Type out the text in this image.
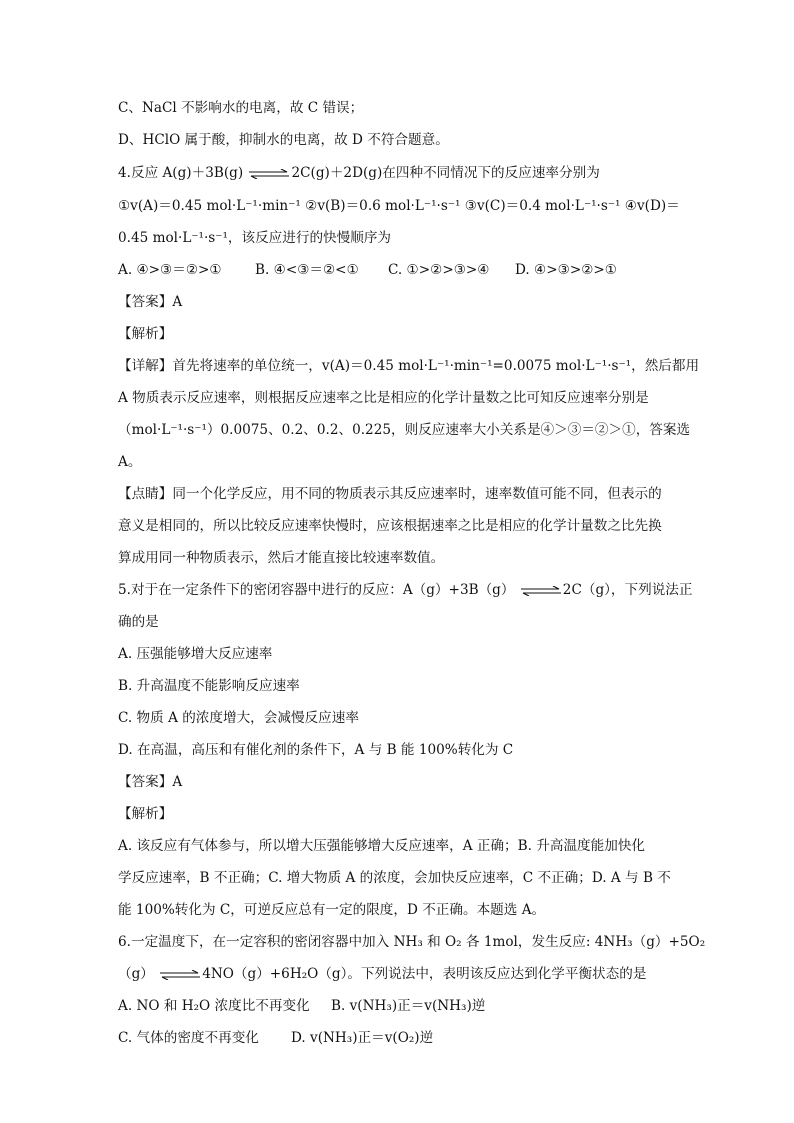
C、NaCl 不影响水的电离，故 C 错误；
D、HClO 属于酸，抑制水的电离，故 D 不符合题意。
4.反应 A(g)＋3B(g) ⇌2C(g)＋2D(g)在四种不同情况下的反应速率分别为
①v(A)＝0.45 mol·L⁻¹·min⁻¹ ②v(B)＝0.6 mol·L⁻¹·s⁻¹ ③v(C)＝0.4 mol·L⁻¹·s⁻¹ ④v(D)＝
0.45 mol·L⁻¹·s⁻¹，该反应进行的快慢顺序为
A. ④>③＝②>① B. ④<③＝②<① C. ①>②>③>④ D. ④>③>②>①
【答案】A
【解析】
【详解】首先将速率的单位统一，v(A)＝0.45 mol·L⁻¹·min⁻¹=0.0075 mol·L⁻¹·s⁻¹，然后都用
A 物质表示反应速率，则根据反应速率之比是相应的化学计量数之比可知反应速率分别是
（mol·L⁻¹·s⁻¹）0.0075、0.2、0.2、0.225，则反应速率大小关系是④＞③＝②＞①，答案选
A。
【点睛】同一个化学反应，用不同的物质表示其反应速率时，速率数值可能不同，但表示的
意义是相同的，所以比较反应速率快慢时，应该根据速率之比是相应的化学计量数之比先换
算成用同一种物质表示，然后才能直接比较速率数值。
5.对于在一定条件下的密闭容器中进行的反应：A（g）+3B（g） ⇌2C（g），下列说法正
确的是
A. 压强能够增大反应速率
B. 升高温度不能影响反应速率
C. 物质 A 的浓度增大，会减慢反应速率
D. 在高温，高压和有催化剂的条件下，A 与 B 能 100%转化为 C
【答案】A
【解析】
A. 该反应有气体参与，所以增大压强能够增大反应速率，A 正确；B. 升高温度能加快化
学反应速率，B 不正确；C. 增大物质 A 的浓度，会加快反应速率，C 不正确；D. A 与 B 不
能 100%转化为 C，可逆反应总有一定的限度，D 不正确。本题选 A。
6.一定温度下，在一定容积的密闭容器中加入 NH₃ 和 O₂ 各 1mol，发生反应: 4NH₃（g）+5O₂
（g） ⇌4NO（g）+6H₂O（g）。下列说法中，表明该反应达到化学平衡状态的是
A. NO 和 H₂O 浓度比不再变化 B. v(NH₃)正＝v(NH₃)逆
C. 气体的密度不再变化 D. v(NH₃)正＝v(O₂)逆
